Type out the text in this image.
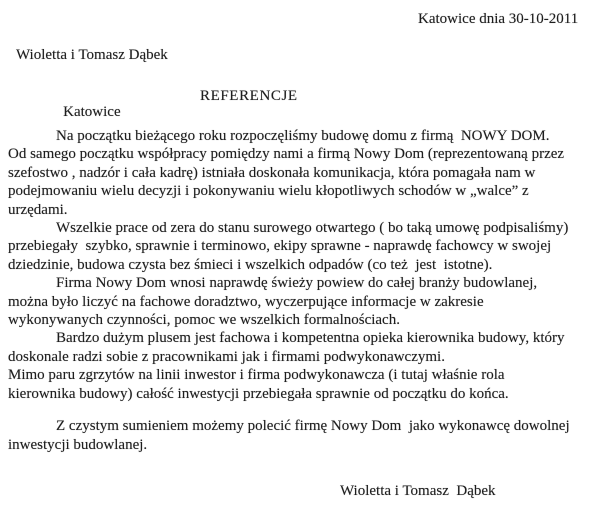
Wioletta i Tomasz Dąbek

Katowice

Katowice dnia 30-10-2011
REFERENCJE
Na początku bieżącego roku rozpoczęliśmy budowę domu z firmą  NOWY DOM.
Od samego początku współpracy pomiędzy nami a firmą Nowy Dom (reprezentowaną przez
szefostwo , nadzór i cała kadrę) istniała doskonała komunikacja, która pomagała nam w
podejmowaniu wielu decyzji i pokonywaniu wielu kłopotliwych schodów w „walce” z
urzędami.
Wszelkie prace od zera do stanu surowego otwartego ( bo taką umowę podpisaliśmy)
przebiegały  szybko, sprawnie i terminowo, ekipy sprawne - naprawdę fachowcy w swojej
dziedzinie, budowa czysta bez śmieci i wszelkich odpadów (co też  jest  istotne).
Firma Nowy Dom wnosi naprawdę świeży powiew do całej branży budowlanej,
można było liczyć na fachowe doradztwo, wyczerpujące informacje w zakresie
wykonywanych czynności, pomoc we wszelkich formalnościach.
Bardzo dużym plusem jest fachowa i kompetentna opieka kierownika budowy, który
doskonale radzi sobie z pracownikami jak i firmami podwykonawczymi.
Mimo paru zgrzytów na linii inwestor i firma podwykonawcza (i tutaj właśnie rola
kierownika budowy) całość inwestycji przebiegała sprawnie od początku do końca.
Z czystym sumieniem możemy polecić firmę Nowy Dom  jako wykonawcę dowolnej
inwestycji budowlanej.
Wioletta i Tomasz  Dąbek
